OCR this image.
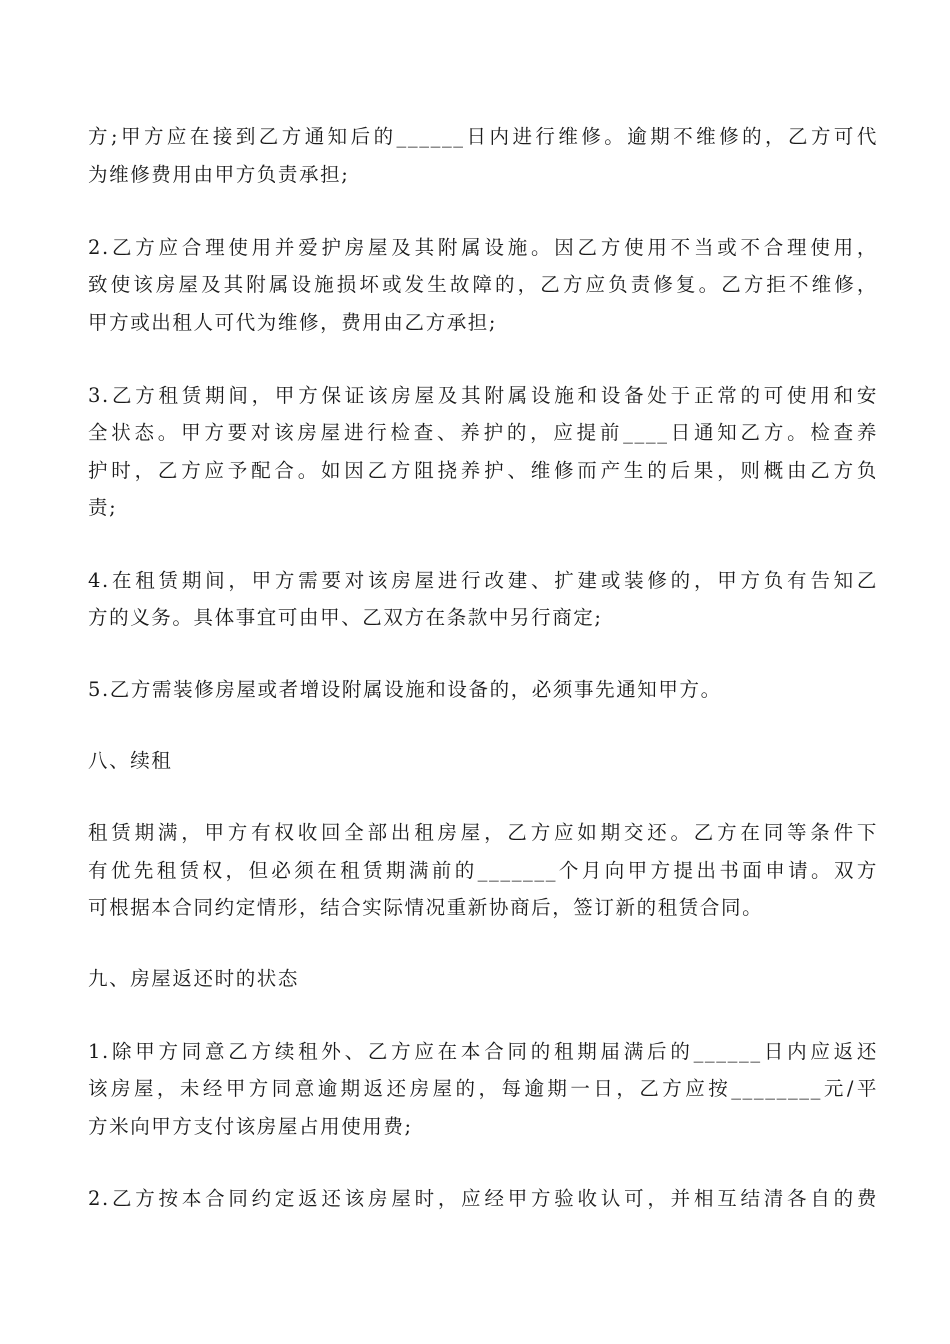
方;甲方应在接到乙方通知后的______日内进行维修。逾期不维修的，乙方可代
为维修费用由甲方负责承担;
2.乙方应合理使用并爱护房屋及其附属设施。因乙方使用不当或不合理使用，
致使该房屋及其附属设施损坏或发生故障的，乙方应负责修复。乙方拒不维修，
甲方或出租人可代为维修，费用由乙方承担;
3.乙方租赁期间，甲方保证该房屋及其附属设施和设备处于正常的可使用和安
全状态。甲方要对该房屋进行检查、养护的，应提前____日通知乙方。检查养
护时，乙方应予配合。如因乙方阻挠养护、维修而产生的后果，则概由乙方负
责;
4.在租赁期间，甲方需要对该房屋进行改建、扩建或装修的，甲方负有告知乙
方的义务。具体事宜可由甲、乙双方在条款中另行商定;
5.乙方需装修房屋或者增设附属设施和设备的，必须事先通知甲方。
八、续租
租赁期满，甲方有权收回全部出租房屋，乙方应如期交还。乙方在同等条件下
有优先租赁权，但必须在租赁期满前的_______个月向甲方提出书面申请。双方
可根据本合同约定情形，结合实际情况重新协商后，签订新的租赁合同。
九、房屋返还时的状态
1.除甲方同意乙方续租外、乙方应在本合同的租期届满后的______日内应返还
该房屋，未经甲方同意逾期返还房屋的，每逾期一日，乙方应按________元/平
方米向甲方支付该房屋占用使用费;
2.乙方按本合同约定返还该房屋时，应经甲方验收认可，并相互结清各自的费
